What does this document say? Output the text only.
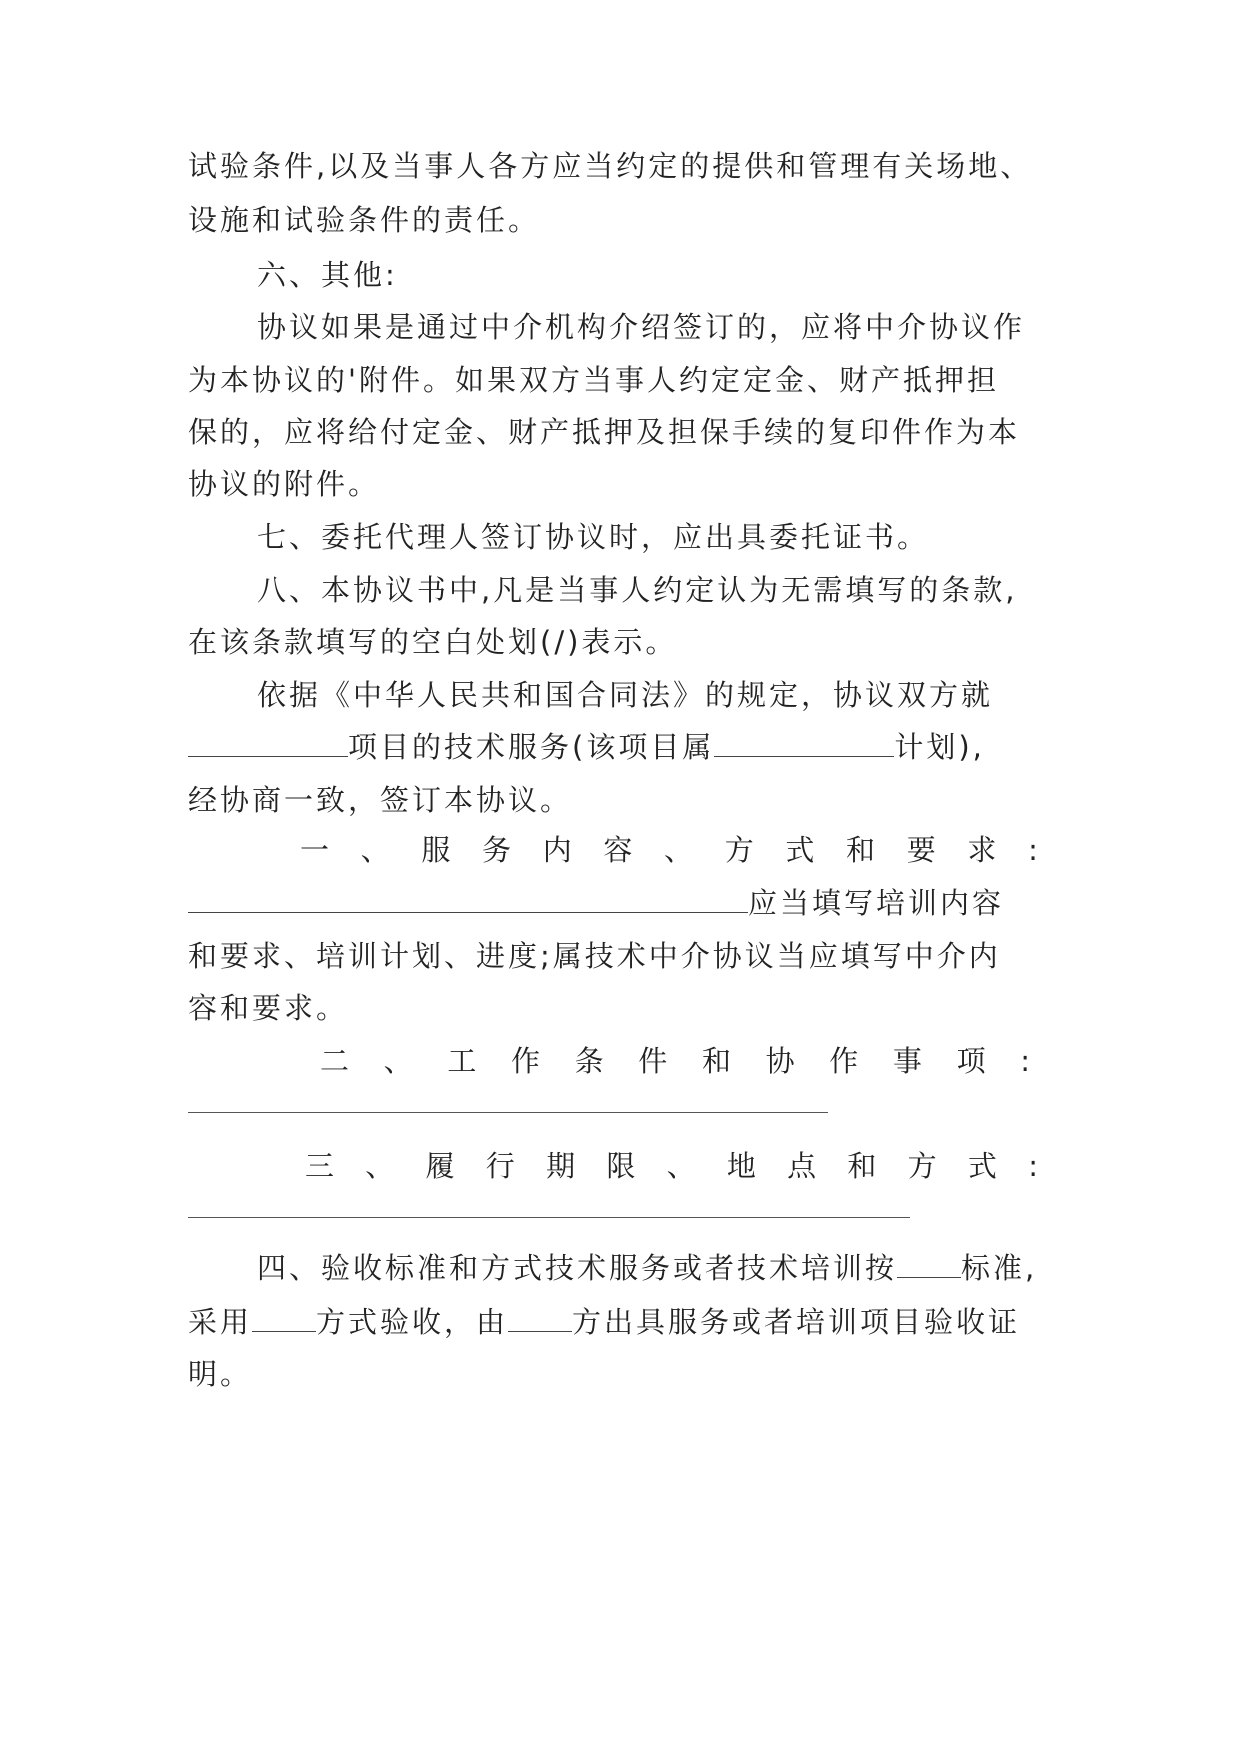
试验条件,以及当事人各方应当约定的提供和管理有关场地、
设施和试验条件的责任。
六、其他:
协议如果是通过中介机构介绍签订的，应将中介协议作
为本协议的'附件。如果双方当事人约定定金、财产抵押担
保的，应将给付定金、财产抵押及担保手续的复印件作为本
协议的附件。
七、委托代理人签订协议时，应出具委托证书。
八、本协议书中,凡是当事人约定认为无需填写的条款,
在该条款填写的空白处划(/)表示。
依据《中华人民共和国合同法》的规定，协议双方就
项目的技术服务(该项目属	计划),
经协商一致，签订本协议。
一 、 服 务 内 容 、 方 式 和 要 求 :
应当填写培训内容
和要求、培训计划、进度;属技术中介协议当应填写中介内
容和要求。
二 、 工 作 条 件 和 协 作 事 项 :
三 、 履 行 期 限 、 地 点 和 方 式 :
四、验收标准和方式技术服务或者技术培训按 标准,
采用 方式验收，由 方出具服务或者培训项目验收证
明。
